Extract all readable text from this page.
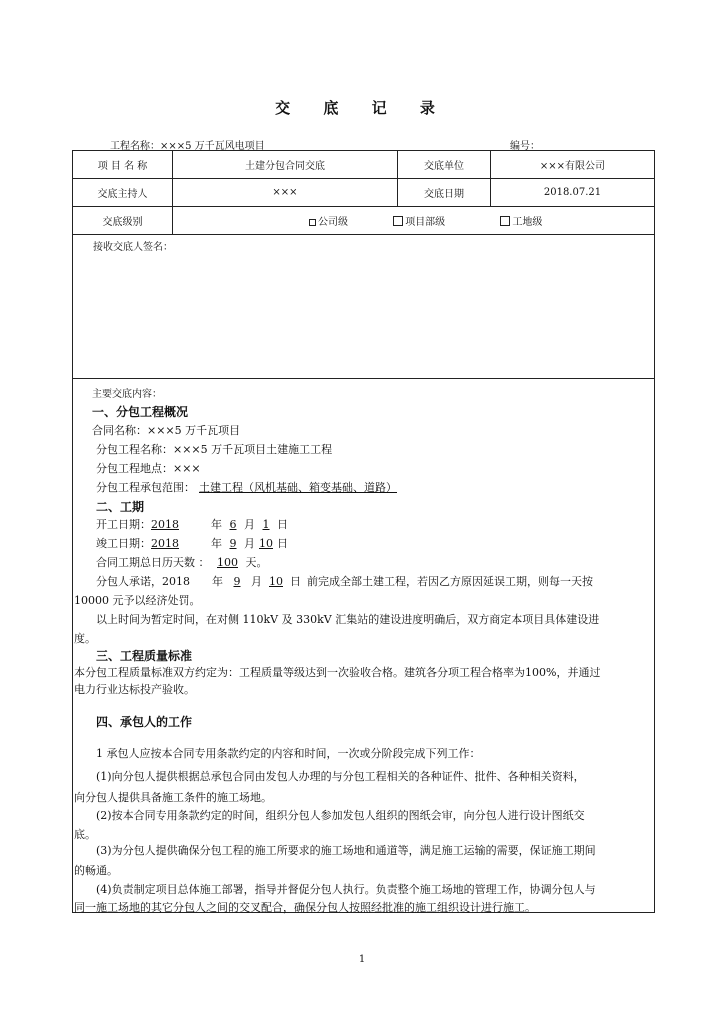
交 底 记 录
工程名称：×××5 万千瓦风电项目	编号：
项 目 名 称	土建分包合同交底	交底单位	×××有限公司
交底主持人	×××	交底日期	2018.07.21
交底级别	公司级 项目部级 工地级		
接收交底人签名：
主要交底内容：
一、分包工程概况
合同名称：×××5 万千瓦项目
分包工程名称：×××5 万千瓦项目土建施工工程
分包工程地点：×××
分包工程承包范围： 土建工程（风机基础、箱变基础、道路）
二、工期
开工日期：2018	年 6 月 1 日
竣工日期：2018	年 9 月 10 日
合同工期总日历天数 ： 100 天。
分包人承诺，2018 年 9 月 10 日 前完成全部土建工程，若因乙方原因延误工期，则每一天按
10000 元予以经济处罚。
以上时间为暂定时间，在对侧 110kV 及 330kV 汇集站的建设进度明确后，双方商定本项目具体建设进
度。
三、工程质量标准
本分包工程质量标准双方约定为：工程质量等级达到一次验收合格。建筑各分项工程合格率为100%，并通过
电力行业达标投产验收。
四、承包人的工作
1 承包人应按本合同专用条款约定的内容和时间，一次或分阶段完成下列工作：
(1)向分包人提供根据总承包合同由发包人办理的与分包工程相关的各种证件、批件、各种相关资料，
向分包人提供具备施工条件的施工场地。
(2)按本合同专用条款约定的时间，组织分包人参加发包人组织的图纸会审，向分包人进行设计图纸交
底。
(3)为分包人提供确保分包工程的施工所要求的施工场地和通道等，满足施工运输的需要，保证施工期间
的畅通。
(4)负责制定项目总体施工部署，指导并督促分包人执行。负责整个施工场地的管理工作，协调分包人与
同一施工场地的其它分包人之间的交叉配合，确保分包人按照经批准的施工组织设计进行施工。
1
